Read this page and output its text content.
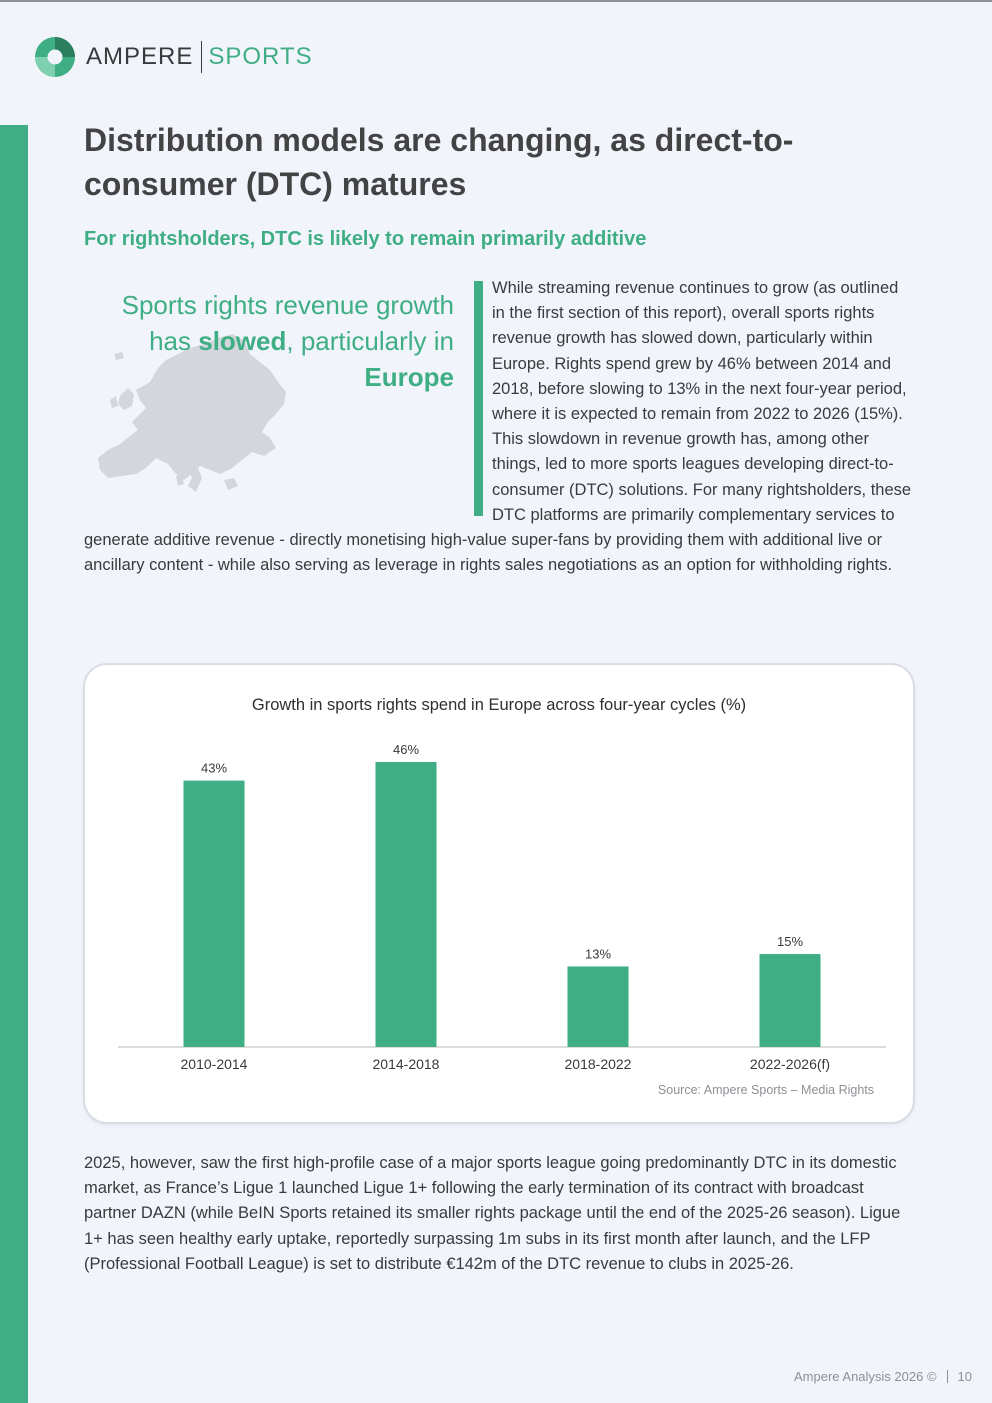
AMPERE SPORTS
Distribution models are changing, as direct-to-consumer (DTC) matures
For rightsholders, DTC is likely to remain primarily additive
Sports rights revenue growth has slowed, particularly in Europe
While streaming revenue continues to grow (as outlined in the first section of this report), overall sports rights revenue growth has slowed down, particularly within Europe. Rights spend grew by 46% between 2014 and 2018, before slowing to 13% in the next four-year period, where it is expected to remain from 2022 to 2026 (15%). This slowdown in revenue growth has, among other things, led to more sports leagues developing direct-to-consumer (DTC) solutions. For many rightsholders, these DTC platforms are primarily complementary services to generate additive revenue - directly monetising high-value super-fans by providing them with additional live or ancillary content - while also serving as leverage in rights sales negotiations as an option for withholding rights.
Growth in sports rights spend in Europe across four-year cycles (%)
43%
2010-2014
46%
2014-2018
13%
2018-2022
15%
2022-2026(f)
Source: Ampere Sports – Media Rights
2025, however, saw the first high-profile case of a major sports league going predominantly DTC in its domestic market, as France’s Ligue 1 launched Ligue 1+ following the early termination of its contract with broadcast partner DAZN (while BeIN Sports retained its smaller rights package until the end of the 2025-26 season). Ligue 1+ has seen healthy early uptake, reportedly surpassing 1m subs in its first month after launch, and the LFP (Professional Football League) is set to distribute €142m of the DTC revenue to clubs in 2025-26.
Ampere Analysis 2026 © 10
